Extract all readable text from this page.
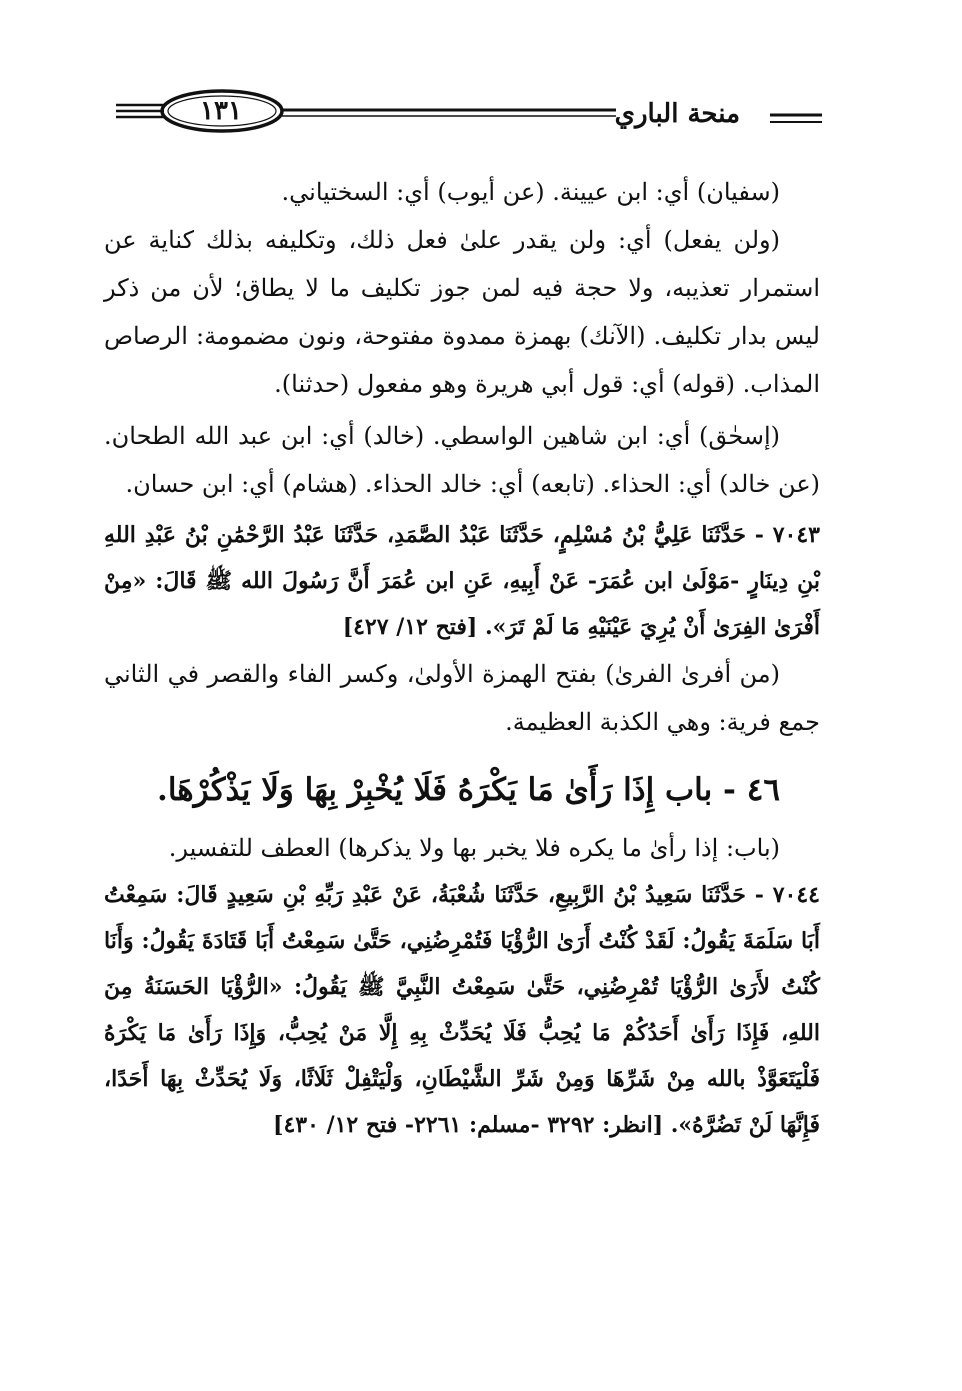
منحة الباري
١٣١

(سفيان) أي: ابن عيينة. (عن أيوب) أي: السختياني.

(ولن يفعل) أي: ولن يقدر علىٰ فعل ذلك، وتكليفه بذلك كناية عن استمرار تعذيبه، ولا حجة فيه لمن جوز تكليف ما لا يطاق؛ لأن من ذكر ليس بدار تكليف. (الآنك) بهمزة ممدوة مفتوحة، ونون مضمومة: الرصاص المذاب. (قوله) أي: قول أبي هريرة وهو مفعول (حدثنا).

(إسحٰق) أي: ابن شاهين الواسطي. (خالد) أي: ابن عبد الله الطحان. (عن خالد) أي: الحذاء. (تابعه) أي: خالد الحذاء. (هشام) أي: ابن حسان.

٧٠٤٣ - حَدَّثَنَا عَلِيُّ بْنُ مُسْلِمٍ، حَدَّثَنَا عَبْدُ الصَّمَدِ، حَدَّثَنَا عَبْدُ الرَّحْمَٰنِ بْنُ عَبْدِ اللهِ بْنِ دِينَارٍ -مَوْلَىٰ ابن عُمَرَ- عَنْ أَبِيهِ، عَنِ ابن عُمَرَ أَنَّ رَسُولَ الله ﷺ قَالَ: «مِنْ أَفْرَىٰ الفِرَىٰ أَنْ يُرِيَ عَيْنَيْهِ مَا لَمْ تَرَ». [فتح ١٢/ ٤٢٧]

(من أفرىٰ الفرىٰ) بفتح الهمزة الأولىٰ، وكسر الفاء والقصر في الثاني جمع فرية: وهي الكذبة العظيمة.

٤٦ - باب إِذَا رَأَىٰ مَا يَكْرَهُ فَلَا يُخْبِرْ بِهَا وَلَا يَذْكُرْهَا.

(باب: إذا رأىٰ ما يكره فلا يخبر بها ولا يذكرها) العطف للتفسير.

٧٠٤٤ - حَدَّثَنَا سَعِيدُ بْنُ الرَّبِيعِ، حَدَّثَنَا شُعْبَةُ، عَنْ عَبْدِ رَبِّهِ بْنِ سَعِيدٍ قَالَ: سَمِعْتُ أَبَا سَلَمَةَ يَقُولُ: لَقَدْ كُنْتُ أَرَىٰ الرُّؤْيَا فَتُمْرِضُنِي، حَتَّىٰ سَمِعْتُ أَبَا قَتَادَةَ يَقُولُ: وَأَنَا كُنْتُ لأَرَىٰ الرُّؤْيَا تُمْرِضُنِي، حَتَّىٰ سَمِعْتُ النَّبِيَّ ﷺ يَقُولُ: «الرُّؤْيَا الحَسَنَةُ مِنَ اللهِ، فَإِذَا رَأَىٰ أَحَدُكُمْ مَا يُحِبُّ فَلَا يُحَدِّثْ بِهِ إِلَّا مَنْ يُحِبُّ، وَإِذَا رَأَىٰ مَا يَكْرَهُ فَلْيَتَعَوَّذْ بالله مِنْ شَرِّهَا وَمِنْ شَرِّ الشَّيْطَانِ، وَلْيَتْفِلْ ثَلَاثًا، وَلَا يُحَدِّثْ بِهَا أَحَدًا، فَإِنَّهَا لَنْ تَضُرَّهُ». [انظر: ٣٢٩٢ -مسلم: ٢٢٦١- فتح ١٢/ ٤٣٠]
